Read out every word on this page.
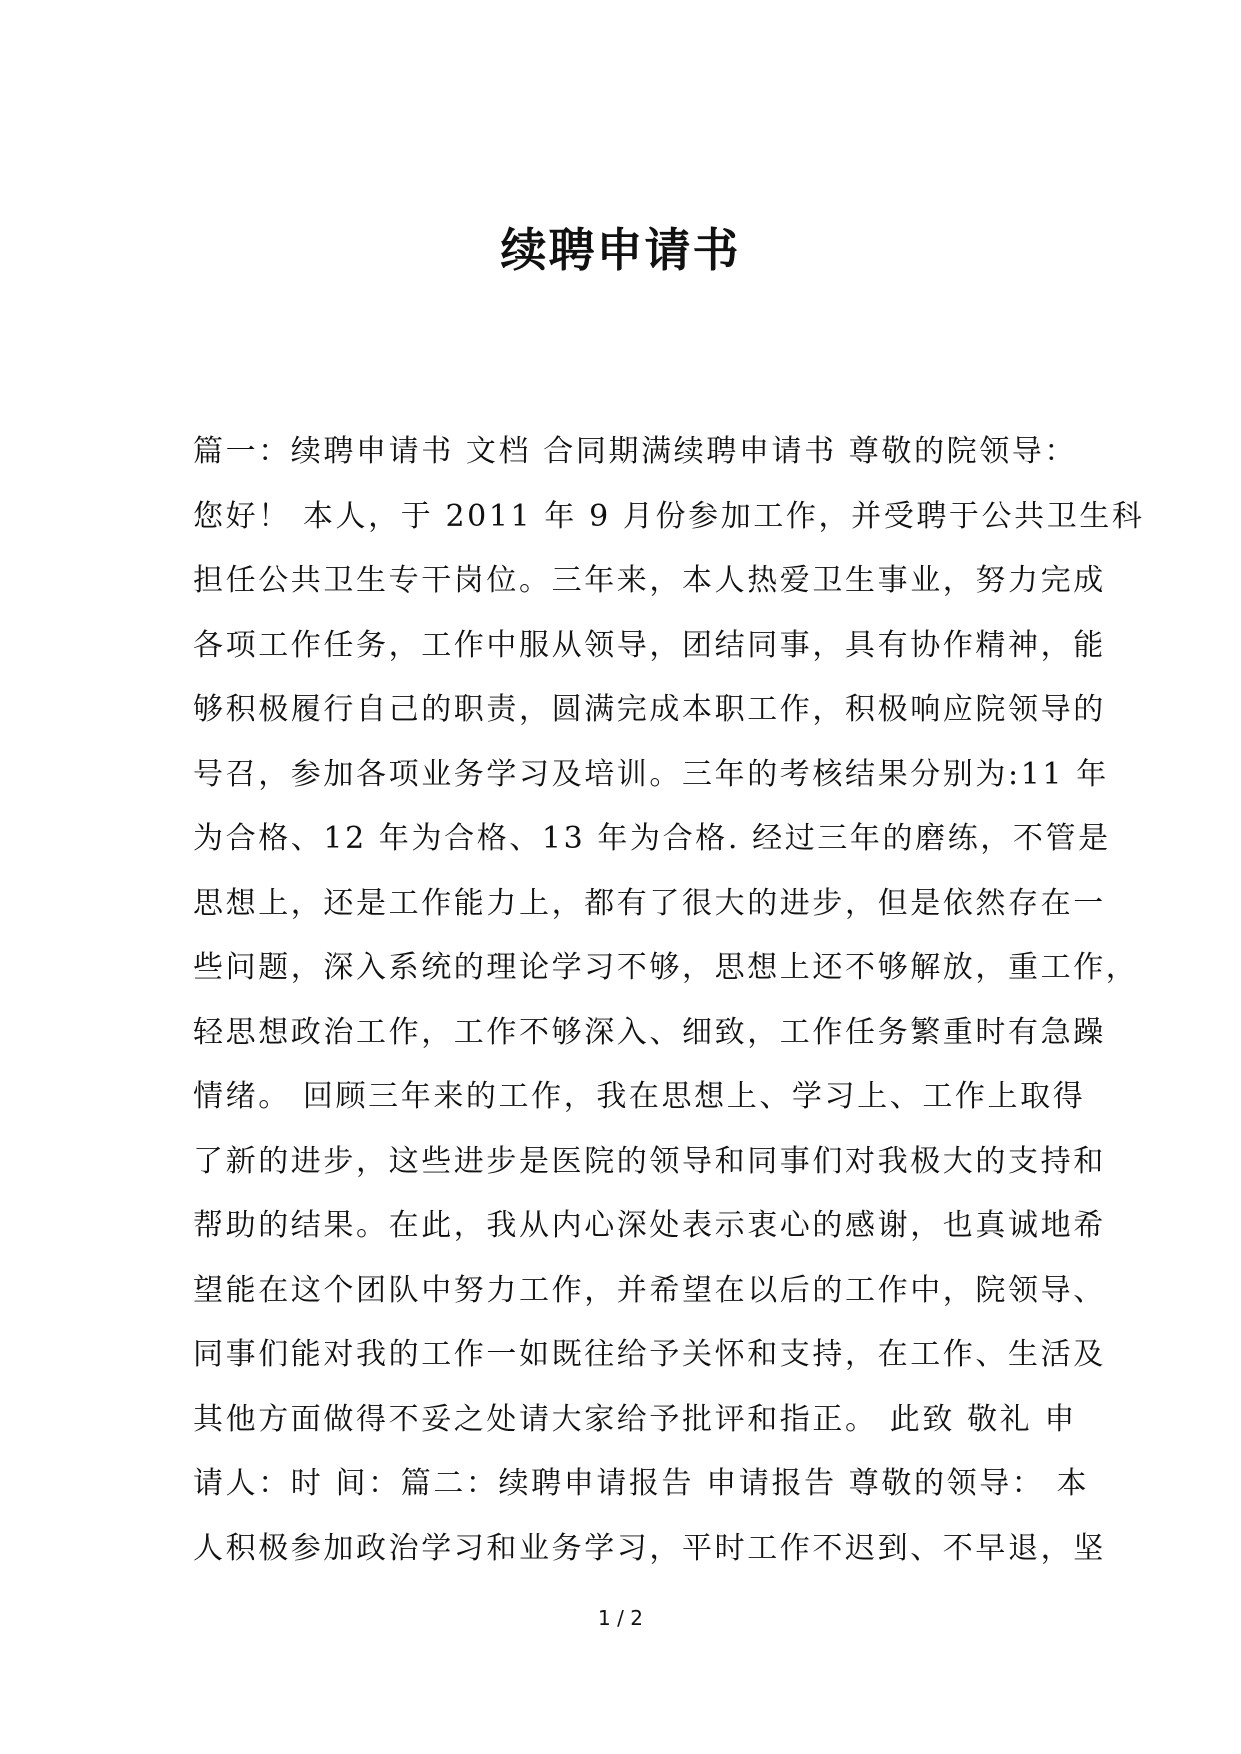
续聘申请书
篇一：续聘申请书 文档 合同期满续聘申请书 尊敬的院领导：
您好！ 本人，于 2011 年 9 月份参加工作，并受聘于公共卫生科
担任公共卫生专干岗位。三年来，本人热爱卫生事业，努力完成
各项工作任务，工作中服从领导，团结同事，具有协作精神，能
够积极履行自己的职责，圆满完成本职工作，积极响应院领导的
号召，参加各项业务学习及培训。三年的考核结果分别为:11 年
为合格、12 年为合格、13 年为合格. 经过三年的磨练，不管是
思想上，还是工作能力上，都有了很大的进步，但是依然存在一
些问题，深入系统的理论学习不够，思想上还不够解放，重工作，
轻思想政治工作，工作不够深入、细致，工作任务繁重时有急躁
情绪。 回顾三年来的工作，我在思想上、学习上、工作上取得
了新的进步，这些进步是医院的领导和同事们对我极大的支持和
帮助的结果。在此，我从内心深处表示衷心的感谢，也真诚地希
望能在这个团队中努力工作，并希望在以后的工作中，院领导、
同事们能对我的工作一如既往给予关怀和支持，在工作、生活及
其他方面做得不妥之处请大家给予批评和指正。 此致 敬礼 申
请人：时 间：篇二：续聘申请报告 申请报告 尊敬的领导： 本
人积极参加政治学习和业务学习，平时工作不迟到、不早退，坚
1 / 2
